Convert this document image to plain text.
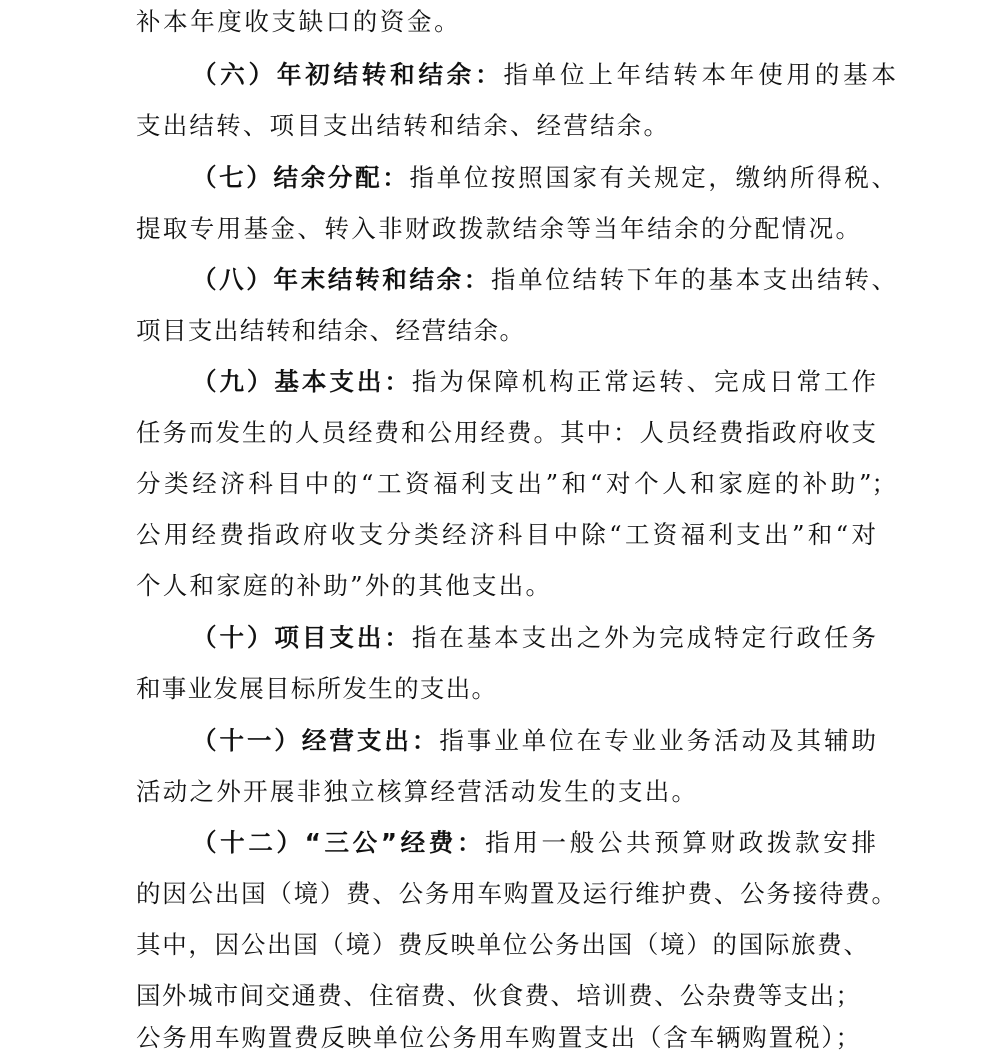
补本年度收支缺口的资金。
（六）年初结转和结余：指单位上年结转本年使用的基本
支出结转、项目支出结转和结余、经营结余。
（七）结余分配：指单位按照国家有关规定，缴纳所得税、
提取专用基金、转入非财政拨款结余等当年结余的分配情况。
（八）年末结转和结余：指单位结转下年的基本支出结转、
项目支出结转和结余、经营结余。
（九）基本支出：指为保障机构正常运转、完成日常工作
任务而发生的人员经费和公用经费。其中：人员经费指政府收支
分类经济科目中的“工资福利支出”和“对个人和家庭的补助”；
公用经费指政府收支分类经济科目中除“工资福利支出”和“对
个人和家庭的补助”外的其他支出。
（十）项目支出：指在基本支出之外为完成特定行政任务
和事业发展目标所发生的支出。
（十一）经营支出：指事业单位在专业业务活动及其辅助
活动之外开展非独立核算经营活动发生的支出。
（十二）“三公”经费：指用一般公共预算财政拨款安排
的因公出国（境）费、公务用车购置及运行维护费、公务接待费。
其中，因公出国（境）费反映单位公务出国（境）的国际旅费、
国外城市间交通费、住宿费、伙食费、培训费、公杂费等支出；
公务用车购置费反映单位公务用车购置支出（含车辆购置税）；
